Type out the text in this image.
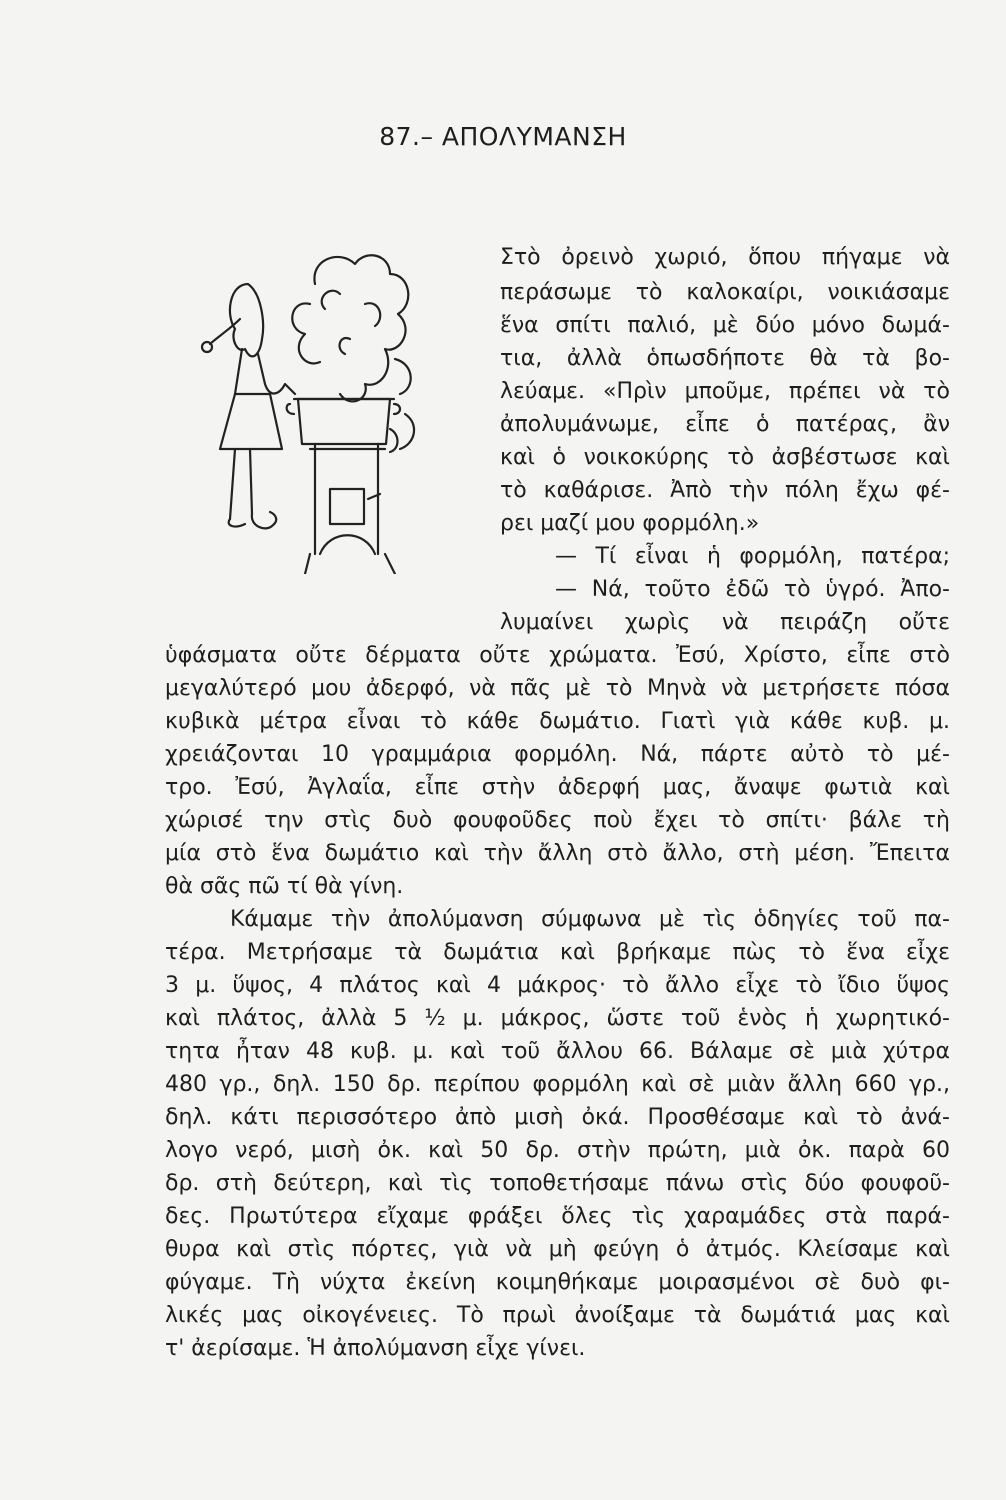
87.– ΑΠΟΛΥΜΑΝΣΗ

Στὸ ὀρεινὸ χωριό, ὅπου πήγαμε νὰ

περάσωμε τὸ καλοκαίρι, νοικιάσαμε

ἕνα σπίτι παλιό, μὲ δύο μόνο δωμά-

τια, ἀλλὰ ὁπωσδήποτε θὰ τὰ βο-

λεύαμε. «Πρὶν μποῦμε, πρέπει νὰ τὸ

ἀπολυμάνωμε, εἶπε ὁ πατέρας, ἂν

καὶ ὁ νοικοκύρης τὸ ἀσβέστωσε καὶ

τὸ καθάρισε. Ἀπὸ τὴν πόλη ἔχω φέ-

ρει μαζί μου φορμόλη.»

— Τί εἶναι ἡ φορμόλη, πατέρα;

— Νά, τοῦτο ἐδῶ τὸ ὑγρό. Ἀπο-

λυμαίνει χωρὶς νὰ πειράζη οὔτε

ὑφάσματα οὔτε δέρματα οὔτε χρώματα. Ἐσύ, Χρίστο, εἶπε στὸ

μεγαλύτερό μου ἀδερφό, νὰ πᾶς μὲ τὸ Μηνὰ νὰ μετρήσετε πόσα

κυβικὰ μέτρα εἶναι τὸ κάθε δωμάτιο. Γιατὶ γιὰ κάθε κυβ. μ.

χρειάζονται 10 γραμμάρια φορμόλη. Νά, πάρτε αὐτὸ τὸ μέ-

τρο. Ἐσύ, Ἀγλαΐα, εἶπε στὴν ἀδερφή μας, ἄναψε φωτιὰ καὶ

χώρισέ την στὶς δυὸ φουφοῦδες ποὺ ἔχει τὸ σπίτι· βάλε τὴ

μία στὸ ἕνα δωμάτιο καὶ τὴν ἄλλη στὸ ἄλλο, στὴ μέση. Ἔπειτα

θὰ σᾶς πῶ τί θὰ γίνη.

Κάμαμε τὴν ἀπολύμανση σύμφωνα μὲ τὶς ὁδηγίες τοῦ πα-

τέρα. Μετρήσαμε τὰ δωμάτια καὶ βρήκαμε πὼς τὸ ἕνα εἶχε

3 μ. ὕψος, 4 πλάτος καὶ 4 μάκρος· τὸ ἄλλο εἶχε τὸ ἴδιο ὕψος

καὶ πλάτος, ἀλλὰ 5 ½ μ. μάκρος, ὥστε τοῦ ἑνὸς ἡ χωρητικό-

τητα ἦταν 48 κυβ. μ. καὶ τοῦ ἄλλου 66. Βάλαμε σὲ μιὰ χύτρα

480 γρ., δηλ. 150 δρ. περίπου φορμόλη καὶ σὲ μιὰν ἄλλη 660 γρ.,

δηλ. κάτι περισσότερο ἀπὸ μισὴ ὀκά. Προσθέσαμε καὶ τὸ ἀνά-

λογο νερό, μισὴ ὀκ. καὶ 50 δρ. στὴν πρώτη, μιὰ ὀκ. παρὰ 60

δρ. στὴ δεύτερη, καὶ τὶς τοποθετήσαμε πάνω στὶς δύο φουφοῦ-

δες. Πρωτύτερα εἴχαμε φράξει ὅλες τὶς χαραμάδες στὰ παρά-

θυρα καὶ στὶς πόρτες, γιὰ νὰ μὴ φεύγη ὁ ἀτμός. Κλείσαμε καὶ

φύγαμε. Τὴ νύχτα ἐκείνη κοιμηθήκαμε μοιρασμένοι σὲ δυὸ φι-

λικές μας οἰκογένειες. Τὸ πρωὶ ἀνοίξαμε τὰ δωμάτιά μας καὶ

τ' ἀερίσαμε. Ἡ ἀπολύμανση εἶχε γίνει.
